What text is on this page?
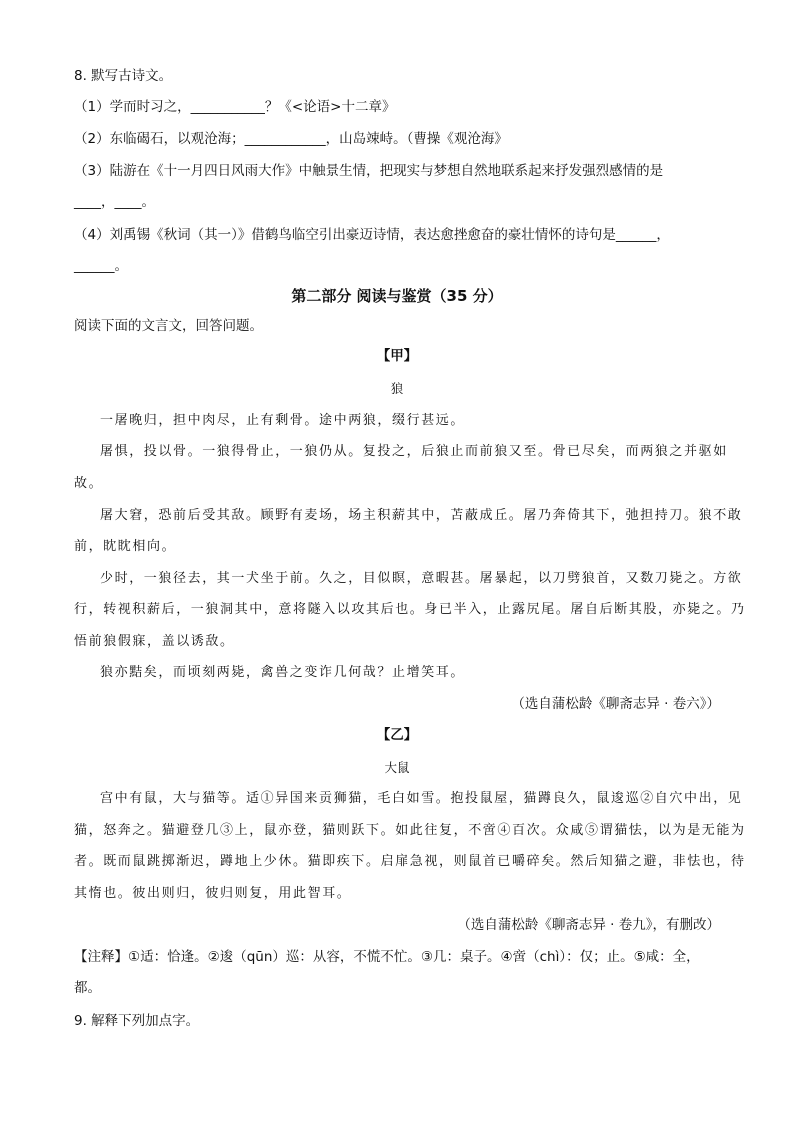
8. 默写古诗文。
（1）学而时习之，___________？《<论语>十二章》
（2）东临碣石，以观沧海；____________，山岛竦峙。（曹操《观沧海》
（3）陆游在《十一月四日风雨大作》中触景生情，把现实与梦想自然地联系起来抒发强烈感情的是
____，____。
（4）刘禹锡《秋词（其一）》借鹤鸟临空引出豪迈诗情，表达愈挫愈奋的豪壮情怀的诗句是______，
______。
第二部分 阅读与鉴赏（35 分）
阅读下面的文言文，回答问题。
【甲】
狼
一屠晚归，担中肉尽，止有剩骨。途中两狼，缀行甚远。
屠惧，投以骨。一狼得骨止，一狼仍从。复投之，后狼止而前狼又至。骨已尽矣，而两狼之并驱如
故。
屠大窘，恐前后受其敌。顾野有麦场，场主积薪其中，苫蔽成丘。屠乃奔倚其下，弛担持刀。狼不敢
前，眈眈相向。
少时，一狼径去，其一犬坐于前。久之，目似瞑，意暇甚。屠暴起，以刀劈狼首，又数刀毙之。方欲
行，转视积薪后，一狼洞其中，意将隧入以攻其后也。身已半入，止露尻尾。屠自后断其股，亦毙之。乃
悟前狼假寐，盖以诱敌。
狼亦黠矣，而顷刻两毙，禽兽之变诈几何哉？止增笑耳。
（选自蒲松龄《聊斋志异 · 卷六》）
【乙】
大鼠
宫中有鼠，大与猫等。适①异国来贡狮猫，毛白如雪。抱投鼠屋，猫蹲良久，鼠逡巡②自穴中出，见
猫，怒奔之。猫避登几③上，鼠亦登，猫则跃下。如此往复，不啻④百次。众咸⑤谓猫怯，以为是无能为
者。既而鼠跳掷渐迟，蹲地上少休。猫即疾下。启扉急视，则鼠首已嚼碎矣。然后知猫之避，非怯也，待
其惰也。彼出则归，彼归则复，用此智耳。
（选自蒲松龄《聊斋志异 · 卷九》，有删改）
【注释】①适：恰逢。②逡（qūn）巡：从容，不慌不忙。③几：桌子。④啻（chì）：仅；止。⑤咸：全，
都。
9. 解释下列加点字。
